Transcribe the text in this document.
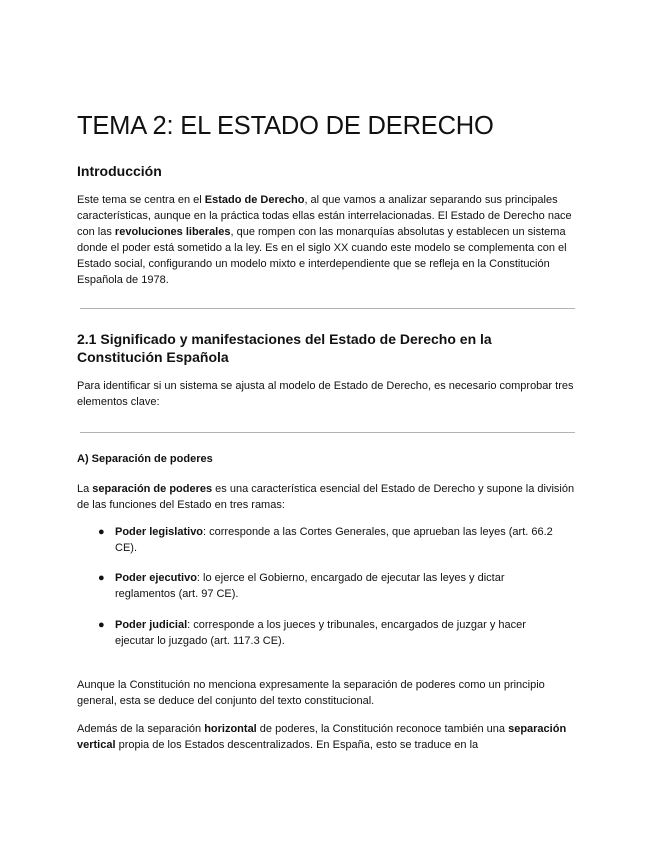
TEMA 2: EL ESTADO DE DERECHO
Introducción

Este tema se centra en el Estado de Derecho, al que vamos a analizar separando sus principales características, aunque en la práctica todas ellas están interrelacionadas. El Estado de Derecho nace con las revoluciones liberales, que rompen con las monarquías absolutas y establecen un sistema donde el poder está sometido a la ley. Es en el siglo XX cuando este modelo se complementa con el Estado social, configurando un modelo mixto e interdependiente que se refleja en la Constitución Española de 1978.

2.1 Significado y manifestaciones del Estado de Derecho en la Constitución Española

Para identificar si un sistema se ajusta al modelo de Estado de Derecho, es necesario comprobar tres elementos clave:

A) Separación de poderes

La separación de poderes es una característica esencial del Estado de Derecho y supone la división de las funciones del Estado en tres ramas:

● Poder legislativo: corresponde a las Cortes Generales, que aprueban las leyes (art. 66.2 CE).
● Poder ejecutivo: lo ejerce el Gobierno, encargado de ejecutar las leyes y dictar reglamentos (art. 97 CE).
● Poder judicial: corresponde a los jueces y tribunales, encargados de juzgar y hacer ejecutar lo juzgado (art. 117.3 CE).

Aunque la Constitución no menciona expresamente la separación de poderes como un principio general, esta se deduce del conjunto del texto constitucional.

Además de la separación horizontal de poderes, la Constitución reconoce también una separación vertical propia de los Estados descentralizados. En España, esto se traduce en la
